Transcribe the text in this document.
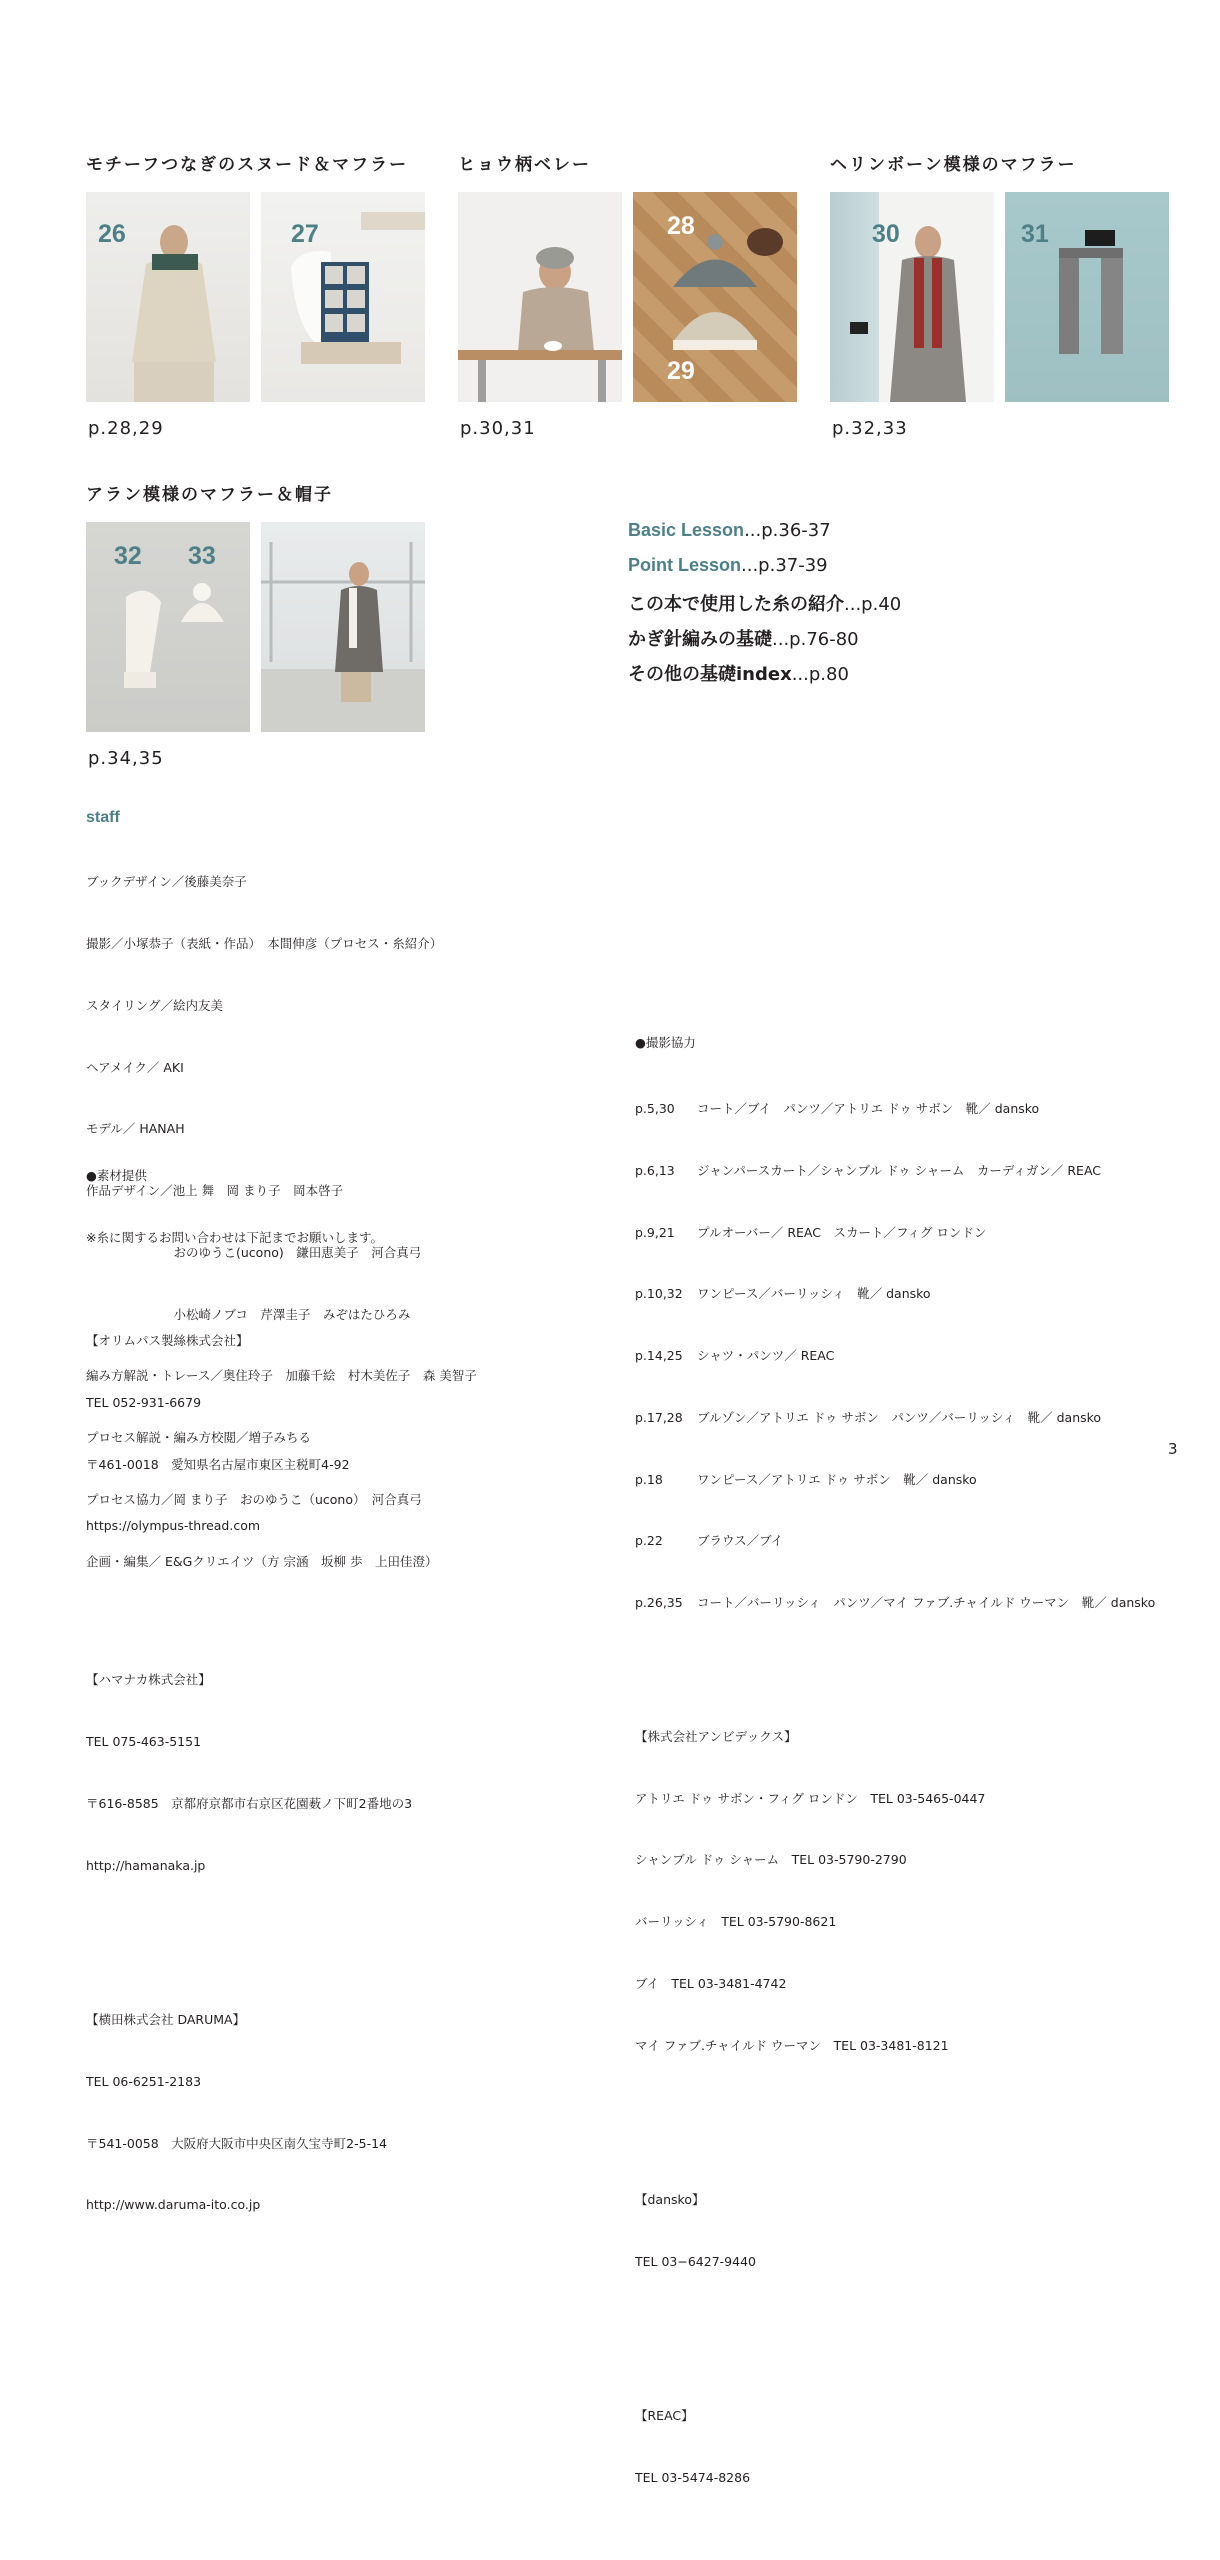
モチーフつなぎのスヌード＆マフラー	ヒョウ柄ベレー	ヘリンボーン模様のマフラー
アラン模様のマフラー＆帽子
26	27	28
29
30	31
p.28,29	p.30,31	p.32,33
32 33
p.34,35
Basic Lesson...p.36-37
Point Lesson...p.37-39
この本で使用した糸の紹介...p.40
かぎ針編みの基礎...p.76-80
その他の基礎index...p.80
staff

ブックデザイン／後藤美奈子

撮影／小塚恭子（表紙・作品）　本間伸彦（プロセス・糸紹介）

スタイリング／絵内友美

ヘアメイク／ AKI

モデル／ HANAH

作品デザイン／池上 舞　岡 まり子　岡本啓子

　　　　　　　おのゆうこ(ucono)　鎌田恵美子　河合真弓

　　　　　　　小松崎ノブコ　芹澤圭子　みぞはたひろみ

編み方解説・トレース／奥住玲子　加藤千絵　村木美佐子　森 美智子

プロセス解説・編み方校閲／増子みちる

プロセス協力／岡 まり子　おのゆうこ（ucono）　河合真弓

企画・編集／ E&Gクリエイツ（方 宗涵　坂柳 歩　上田佳澄）

●素材提供

※糸に関するお問い合わせは下記までお願いします。

【オリムパス製絲株式会社】

TEL 052-931-6679

〒461-0018　愛知県名古屋市東区主税町4-92

https://olympus-thread.com

【ハマナカ株式会社】

TEL 075-463-5151

〒616-8585　京都府京都市右京区花園薮ノ下町2番地の3

http://hamanaka.jp

【横田株式会社 DARUMA】

TEL 06-6251-2183

〒541-0058　大阪府大阪市中央区南久宝寺町2-5-14

http://www.daruma-ito.co.jp

●撮影協力

p.5,30	コート／ブイ　パンツ／アトリエ ドゥ サボン　靴／ dansko

p.6,13	ジャンパースカート／シャンブル ドゥ シャーム　カーディガン／ REAC

p.9,21	プルオーバー／ REAC　スカート／フィグ ロンドン

p.10,32	ワンピース／バーリッシィ　靴／ dansko

p.14,25	シャツ・パンツ／ REAC

p.17,28	ブルゾン／アトリエ ドゥ サボン　パンツ／バーリッシィ　靴／ dansko

p.18	ワンピース／アトリエ ドゥ サボン　靴／ dansko

p.22	ブラウス／ブイ

p.26,35	コート／バーリッシィ　パンツ／マイ ファブ.チャイルド ウーマン　靴／ dansko

【株式会社アンビデックス】

アトリエ ドゥ サボン・フィグ ロンドン　TEL 03-5465-0447

シャンブル ドゥ シャーム　TEL 03-5790-2790

バーリッシィ　TEL 03-5790-8621

ブイ　TEL 03-3481-4742

マイ ファブ.チャイルド ウーマン　TEL 03-3481-8121

【dansko】

TEL 03−6427-9440

【REAC】

TEL 03-5474-8286

3
